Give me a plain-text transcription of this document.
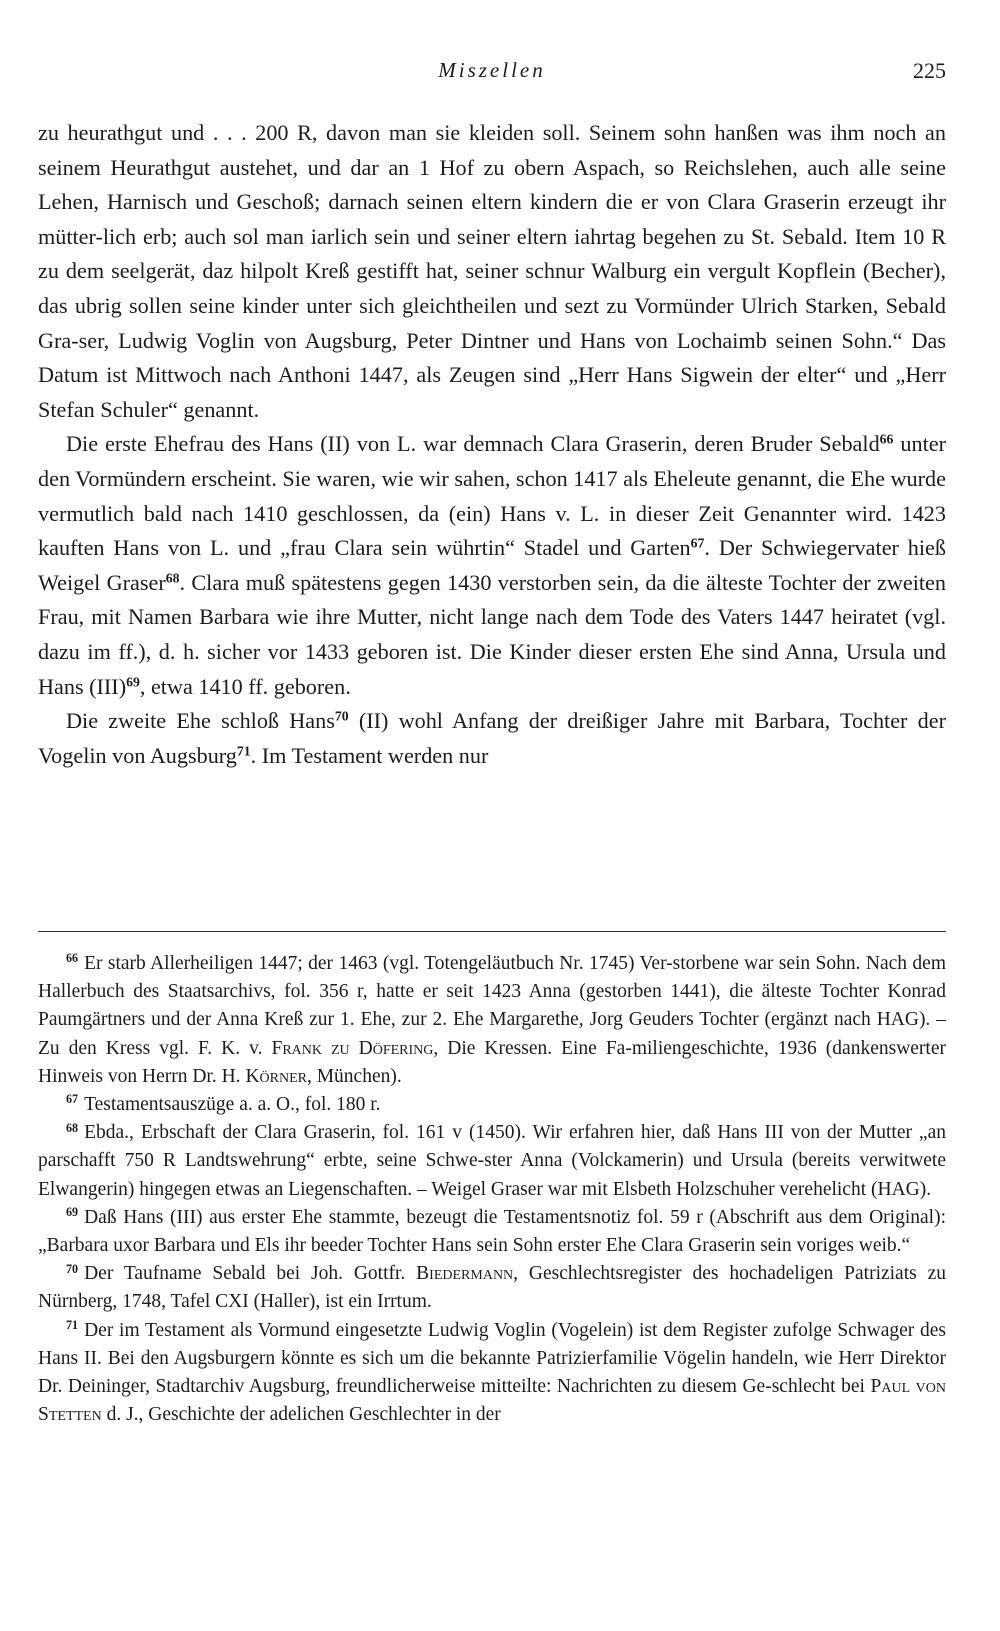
Miszellen	225

zu heurathgut und . . . 200 R, davon man sie kleiden soll. Seinem sohn hanßen was ihm noch an seinem Heurathgut austehet, und dar an 1 Hof zu obern Aspach, so Reichslehen, auch alle seine Lehen, Harnisch und Geschoß; darnach seinen eltern kindern die er von Clara Graserin erzeugt ihr mütter-lich erb; auch sol man iarlich sein und seiner eltern iahrtag begehen zu St. Sebald. Item 10 R zu dem seelgerät, daz hilpolt Kreß gestifft hat, seiner schnur Walburg ein vergult Kopflein (Becher), das ubrig sollen seine kinder unter sich gleichtheilen und sezt zu Vormünder Ulrich Starken, Sebald Gra-ser, Ludwig Voglin von Augsburg, Peter Dintner und Hans von Lochaimb seinen Sohn.“ Das Datum ist Mittwoch nach Anthoni 1447, als Zeugen sind „Herr Hans Sigwein der elter“ und „Herr Stefan Schuler“ genannt.

Die erste Ehefrau des Hans (II) von L. war demnach Clara Graserin, deren Bruder Sebald$^{66}$ unter den Vormündern erscheint. Sie waren, wie wir sahen, schon 1417 als Eheleute genannt, die Ehe wurde vermutlich bald nach 1410 geschlossen, da (ein) Hans v. L. in dieser Zeit Genannter wird. 1423 kauften Hans von L. und „frau Clara sein wührtin“ Stadel und Garten$^{67}$. Der Schwiegervater hieß Weigel Graser$^{68}$. Clara muß spätestens gegen 1430 verstorben sein, da die älteste Tochter der zweiten Frau, mit Namen Barbara wie ihre Mutter, nicht lange nach dem Tode des Vaters 1447 heiratet (vgl. dazu im ff.), d. h. sicher vor 1433 geboren ist. Die Kinder dieser ersten Ehe sind Anna, Ursula und Hans (III)$^{69}$, etwa 1410 ff. geboren.

Die zweite Ehe schloß Hans$^{70}$ (II) wohl Anfang der dreißiger Jahre mit Barbara, Tochter der Vogelin von Augsburg$^{71}$. Im Testament werden nur

$^{66}$ Er starb Allerheiligen 1447; der 1463 (vgl. Totengeläutbuch Nr. 1745) Ver-storbene war sein Sohn. Nach dem Hallerbuch des Staatsarchivs, fol. 356 r, hatte er seit 1423 Anna (gestorben 1441), die älteste Tochter Konrad Paumgärtners und der Anna Kreß zur 1. Ehe, zur 2. Ehe Margarethe, Jorg Geuders Tochter (ergänzt nach HAG). – Zu den Kress vgl. F. K. v. Frank zu Döfering, Die Kressen. Eine Fa-miliengeschichte, 1936 (dankenswerter Hinweis von Herrn Dr. H. Körner, München).

$^{67}$ Testamentsauszüge a. a. O., fol. 180 r.

$^{68}$ Ebda., Erbschaft der Clara Graserin, fol. 161 v (1450). Wir erfahren hier, daß Hans III von der Mutter „an parschafft 750 R Landtswehrung“ erbte, seine Schwe-ster Anna (Volckamerin) und Ursula (bereits verwitwete Elwangerin) hingegen etwas an Liegenschaften. – Weigel Graser war mit Elsbeth Holzschuher verehelicht (HAG).

$^{69}$ Daß Hans (III) aus erster Ehe stammte, bezeugt die Testamentsnotiz fol. 59 r (Abschrift aus dem Original): „Barbara uxor Barbara und Els ihr beeder Tochter Hans sein Sohn erster Ehe Clara Graserin sein voriges weib.“

$^{70}$ Der Taufname Sebald bei Joh. Gottfr. Biedermann, Geschlechtsregister des hochadeligen Patriziats zu Nürnberg, 1748, Tafel CXI (Haller), ist ein Irrtum.

$^{71}$ Der im Testament als Vormund eingesetzte Ludwig Voglin (Vogelein) ist dem Register zufolge Schwager des Hans II. Bei den Augsburgern könnte es sich um die bekannte Patrizierfamilie Vögelin handeln, wie Herr Direktor Dr. Deininger, Stadtarchiv Augsburg, freundlicherweise mitteilte: Nachrichten zu diesem Ge-schlecht bei Paul von Stetten d. J., Geschichte der adelichen Geschlechter in der
